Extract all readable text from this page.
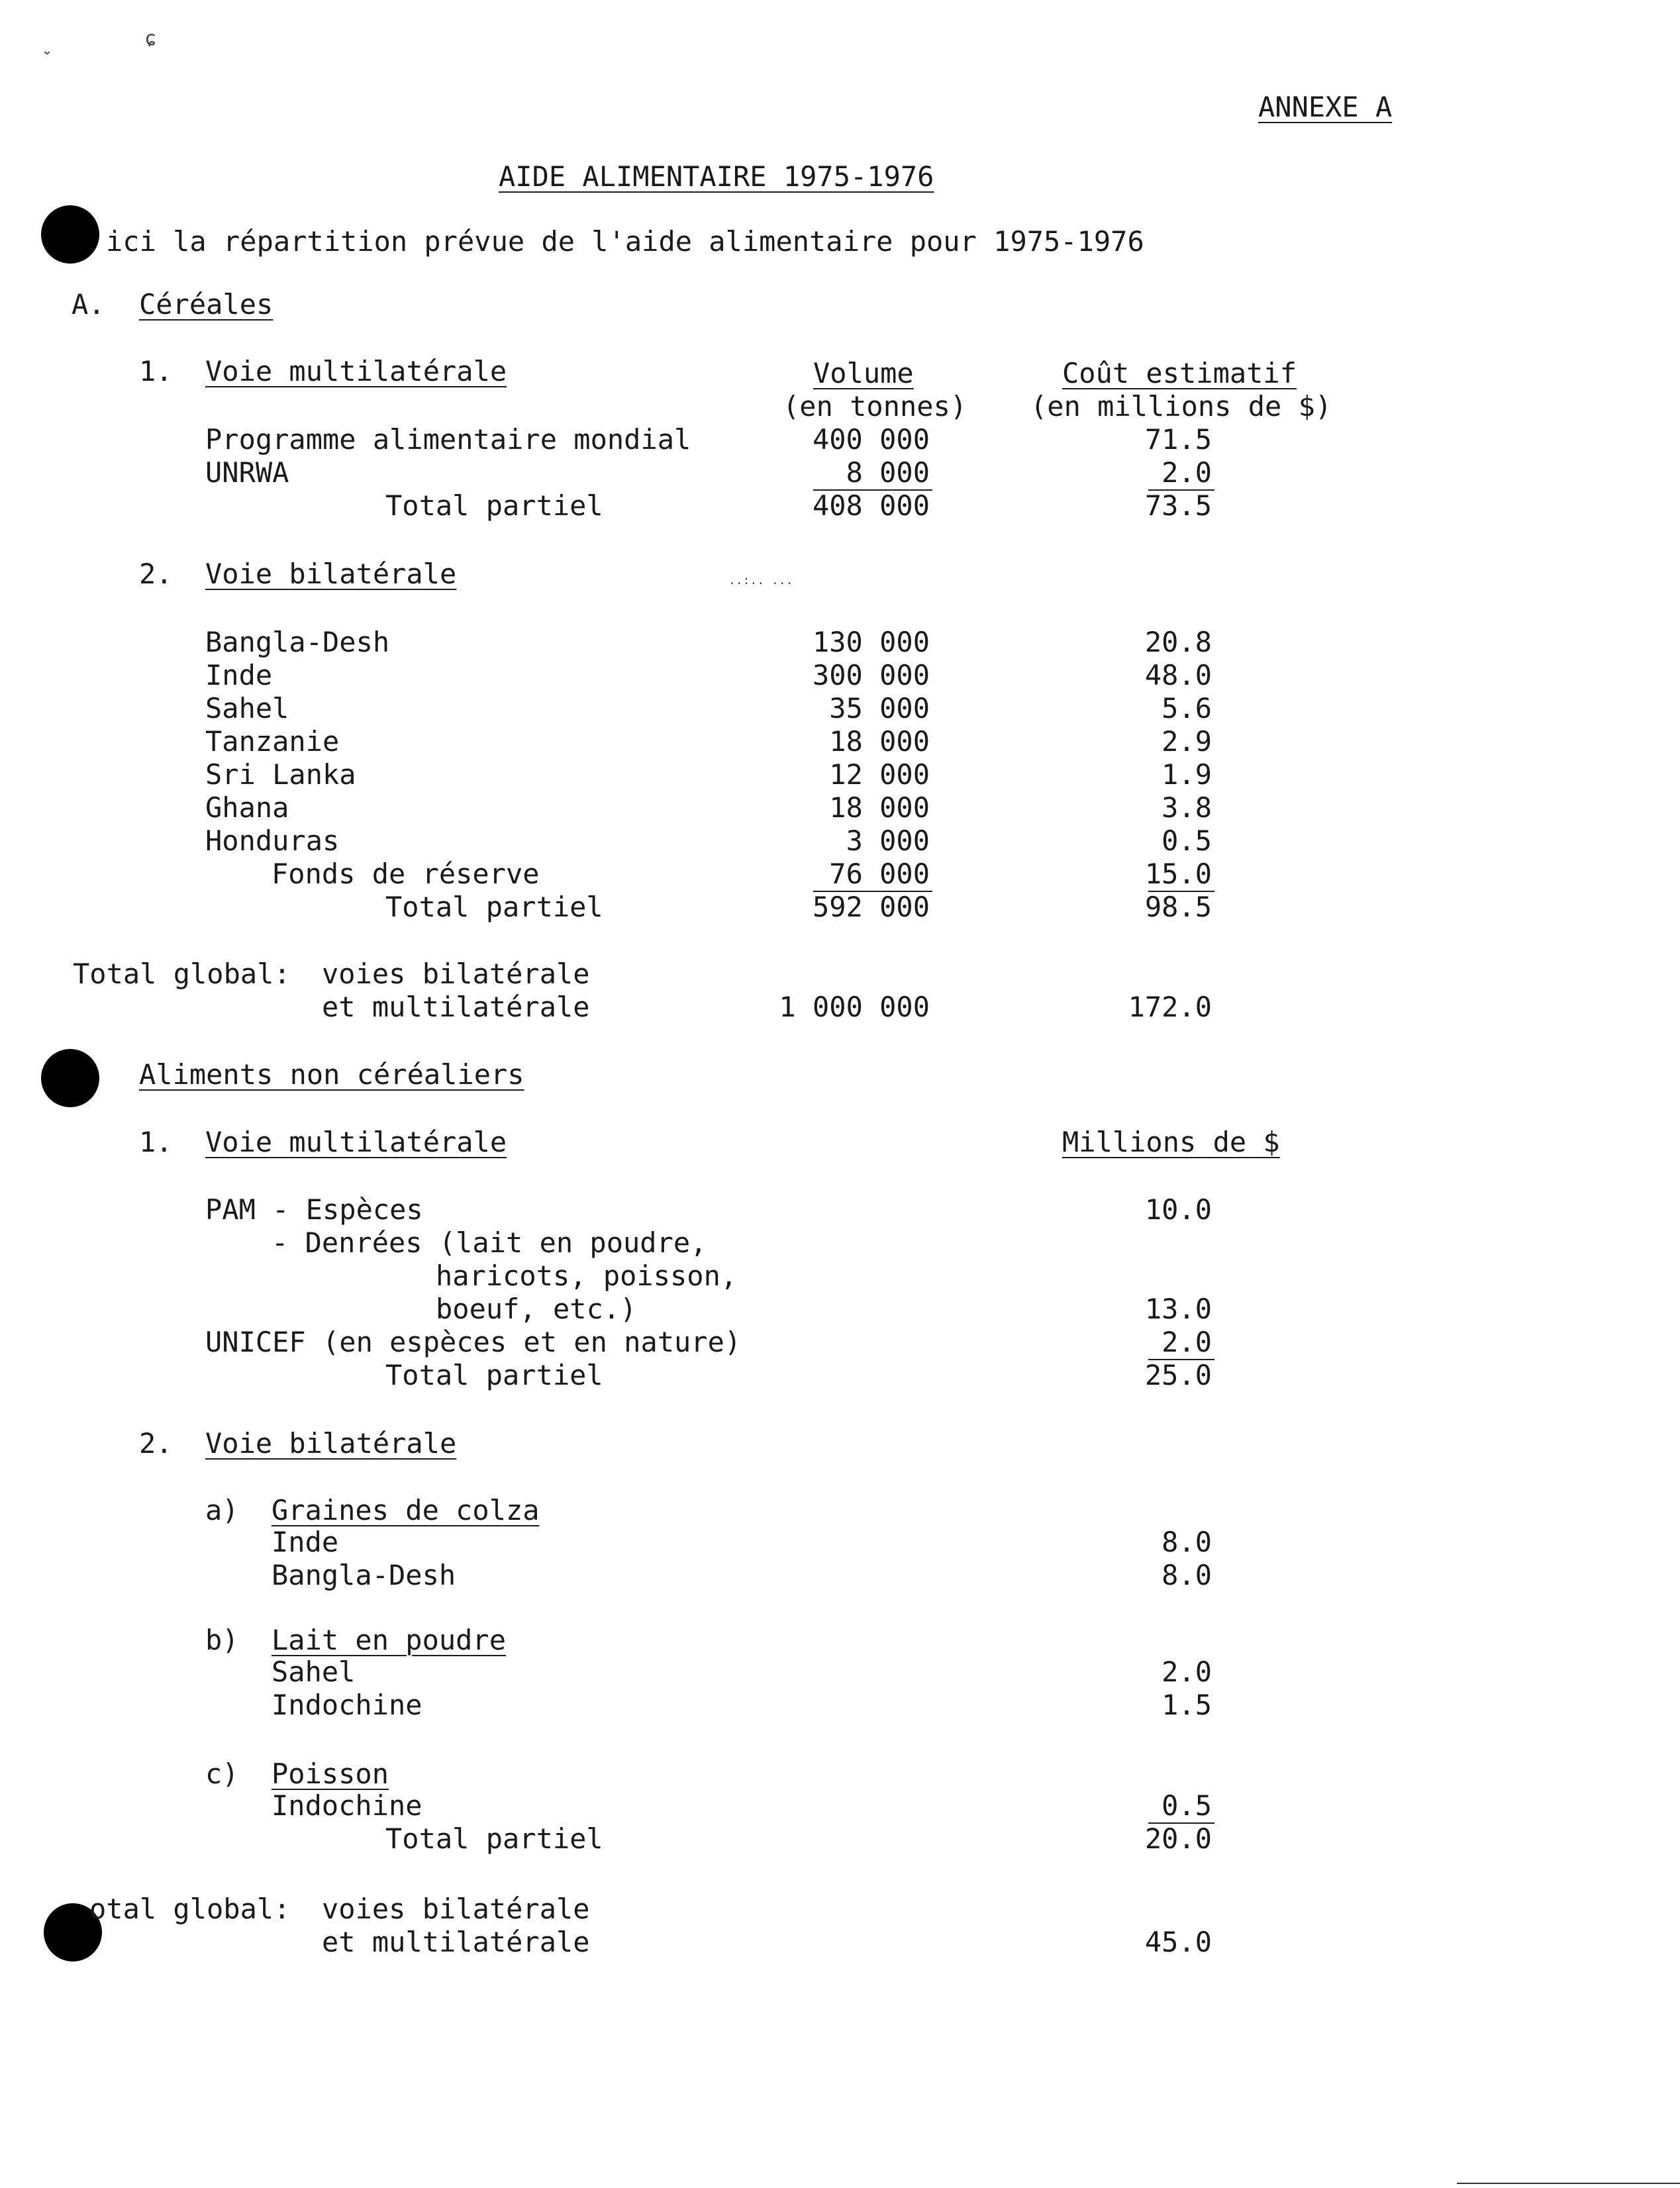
ˬ	ɕ
ANNEXE A
AIDE ALIMENTAIRE 1975-1976
ici la répartition prévue de l'aide alimentaire pour 1975-1976
A. Céréales
1. Voie multilatérale	Volume	Coût estimatif
(en tonnes) (en millions de $)
Programme alimentaire mondial	400 000	71.5
UNRWA	8 000	2.0
Total partiel	408 000	73.5
2. Voie bilatérale	..:.. ...
Bangla-Desh	130 000	20.8
Inde	300 000	48.0
Sahel	35 000	5.6
Tanzanie	18 000	2.9
Sri Lanka	12 000	1.9
Ghana	18 000	3.8
Honduras	3 000	0.5
Fonds de réserve	76 000	15.0
Total partiel	592 000	98.5
Total global: voies bilatérale
et multilatérale	1 000 000	172.0
Aliments non céréaliers
1. Voie multilatérale	Millions de $
PAM - Espèces	10.0
- Denrées (lait en poudre,
haricots, poisson,
boeuf, etc.)	13.0
UNICEF (en espèces et en nature)	2.0
Total partiel	25.0
2. Voie bilatérale
a) Graines de colza
Inde	8.0
Bangla-Desh	8.0
b) Lait en poudre
Sahel	2.0
Indochine	1.5
c) Poisson
Indochine	0.5
Total partiel	20.0
otal global: voies bilatérale
et multilatérale	45.0
